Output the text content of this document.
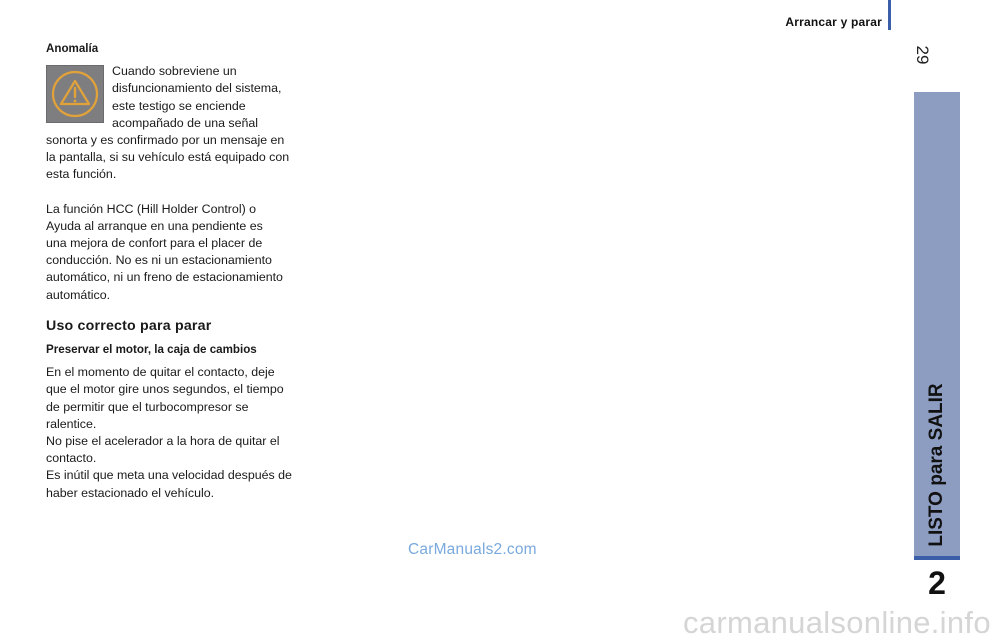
Arrancar y parar
29
LISTO para SALIR
2
Anomalía

Cuando sobreviene un
disfuncionamiento del sistema,
este testigo se enciende
acompañado de una señal
sonorta y es confirmado por un mensaje en
la pantalla, si su vehículo está equipado con
esta función.

La función HCC (Hill Holder Control) o
Ayuda al arranque en una pendiente es
una mejora de confort para el placer de
conducción. No es ni un estacionamiento
automático, ni un freno de estacionamiento
automático.

Uso correcto para parar
Preservar el motor, la caja de cambios

En el momento de quitar el contacto, deje
que el motor gire unos segundos, el tiempo
de permitir que el turbocompresor se
ralentice.
No pise el acelerador a la hora de quitar el
contacto.
Es inútil que meta una velocidad después de
haber estacionado el vehículo.

CarManuals2.com
carmanualsonline.info
